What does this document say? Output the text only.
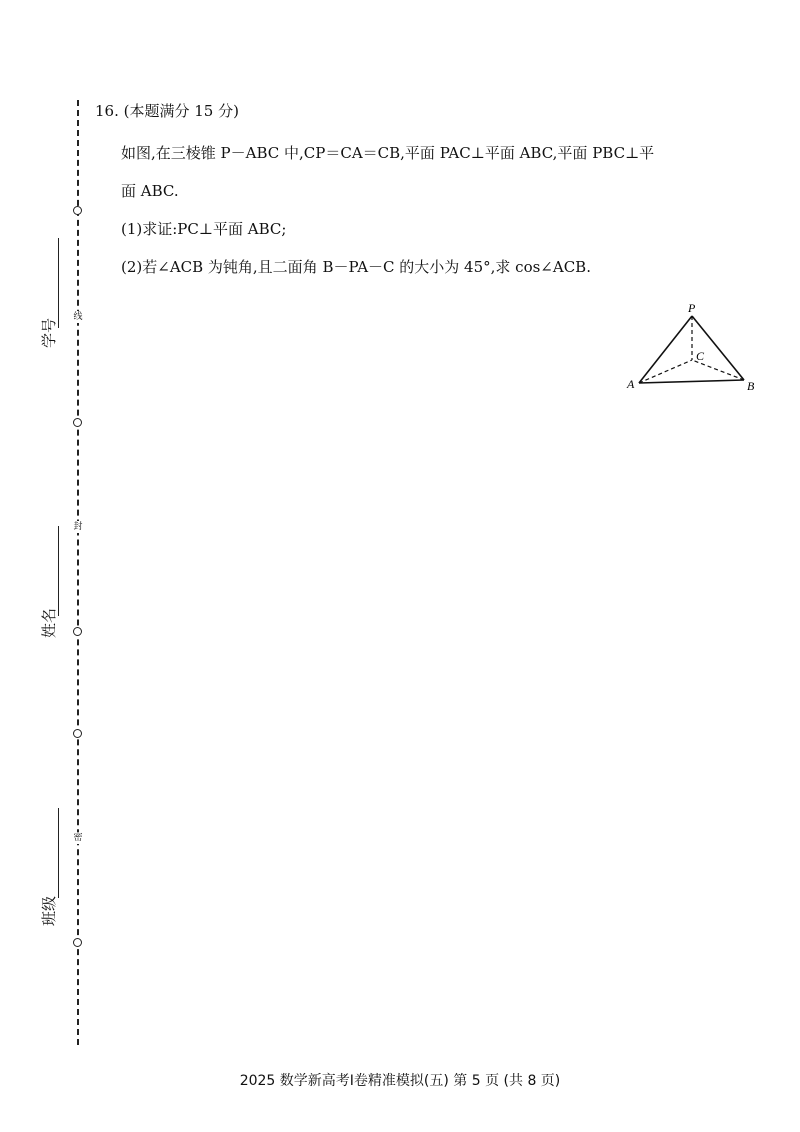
线
封
密
学号
姓名
班级

16. (本题满分 15 分)

如图,在三棱锥 P－ABC 中,CP＝CA＝CB,平面 PAC⊥平面 ABC,平面 PBC⊥平

面 ABC.

(1)求证:PC⊥平面 ABC;

(2)若∠ACB 为钝角,且二面角 B－PA－C 的大小为 45°,求 cos∠ACB.

P
A	B
C
2025 数学新高考Ⅰ卷精准模拟(五) 第 5 页 (共 8 页)
